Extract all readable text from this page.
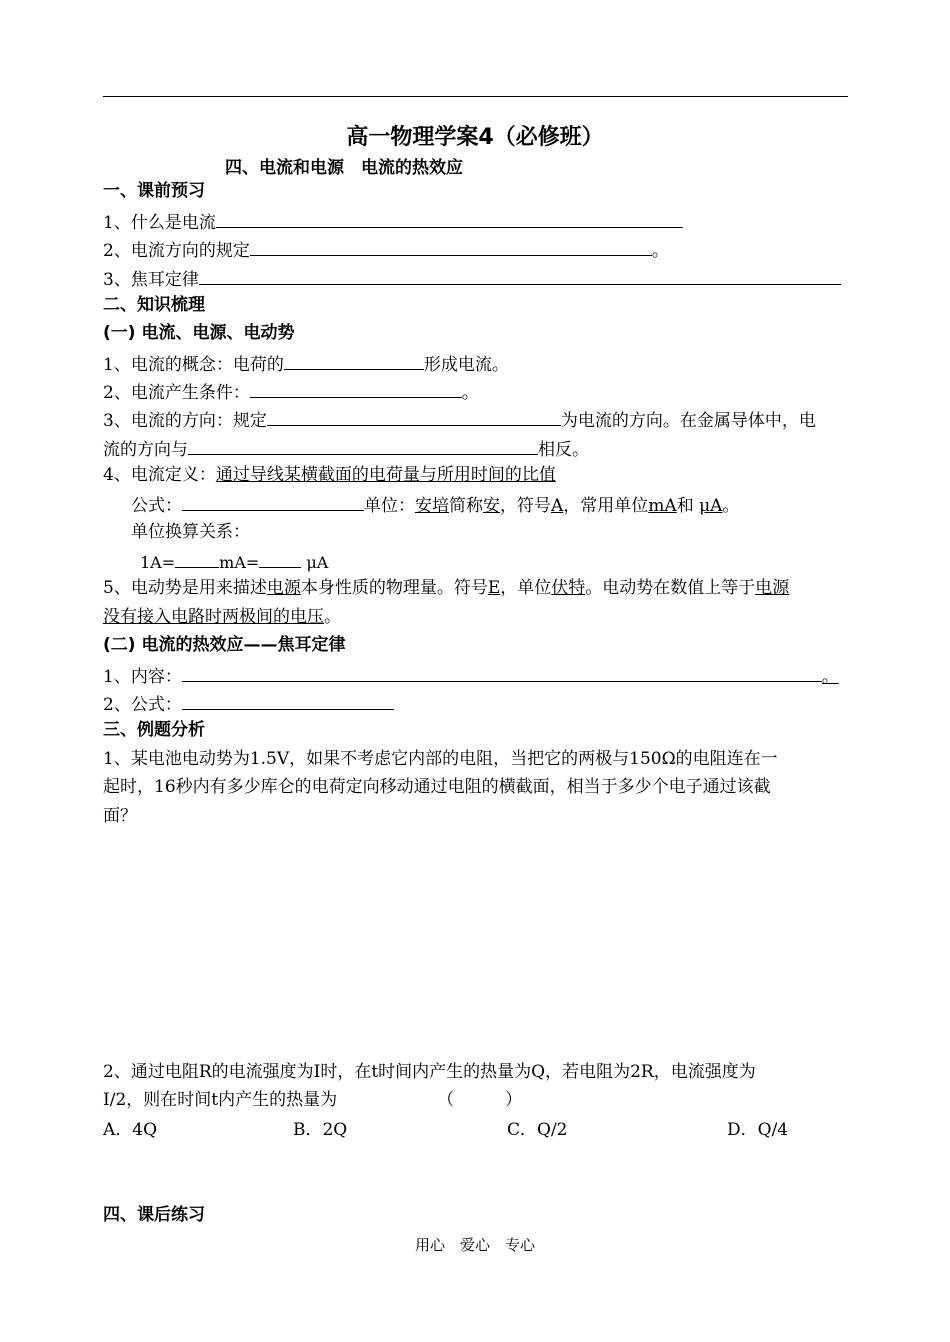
高一物理学案4（必修班）
四、电流和电源　电流的热效应
一、课前预习
1、什么是电流
2、电流方向的规定	。
3、焦耳定律
二、知识梳理
(一) 电流、电源、电动势
1、电流的概念：电荷的	形成电流。
2、电流产生条件：	。
3、电流的方向：规定	为电流的方向。在金属导体中，电
流的方向与	相反。
4、电流定义：通过导线某横截面的电荷量与所用时间的比值
公式：	单位：安培简称安，符号A，常用单位mA和 μA。
单位换算关系：
1A=	mA=	μA
5、电动势是用来描述电源本身性质的物理量。符号E，单位伏特。电动势在数值上等于电源
没有接入电路时两极间的电压。
(二) 电流的热效应——焦耳定律
1、内容：	。
2、公式：
三、例题分析
1、某电池电动势为1.5V，如果不考虑它内部的电阻，当把它的两极与150Ω的电阻连在一
起时，16秒内有多少库仑的电荷定向移动通过电阻的横截面，相当于多少个电子通过该截
面？
2、通过电阻R的电流强度为I时，在t时间内产生的热量为Q，若电阻为2R，电流强度为
I/2，则在时间t内产生的热量为	（　　　）
A．4Q	B．2Q	C．Q/2	D．Q/4
四、课后练习
用心　爱心　专心
